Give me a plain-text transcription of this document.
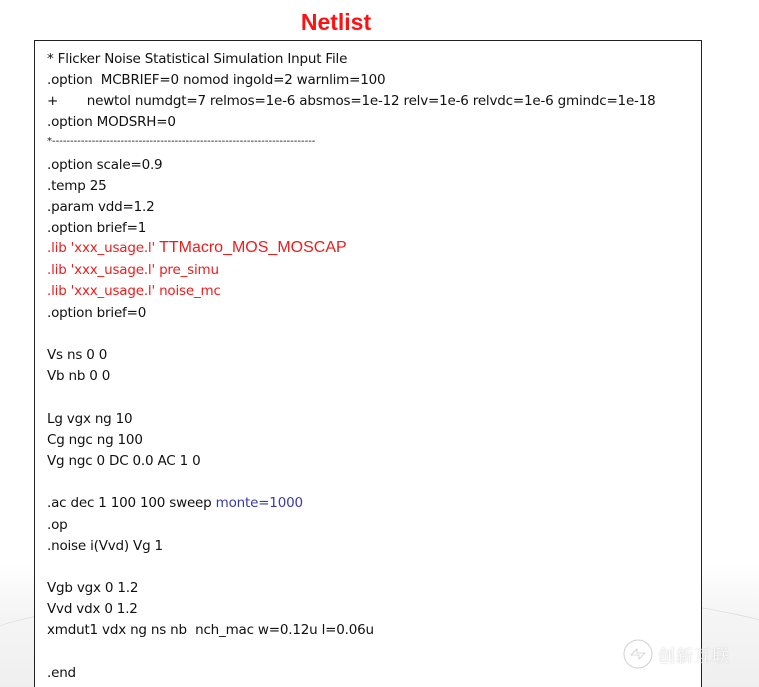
Netlist
* Flicker Noise Statistical Simulation Input File
.option  MCBRIEF=0 nomod ingold=2 warnlim=100
+       newtol numdgt=7 relmos=1e-6 absmos=1e-12 relv=1e-6 relvdc=1e-6 gmindc=1e-18
.option MODSRH=0
*-------------------------------------------------------------------------
.option scale=0.9
.temp 25
.param vdd=1.2
.option brief=1
.lib 'xxx_usage.l' TTMacro_MOS_MOSCAP
.lib 'xxx_usage.l' pre_simu
.lib 'xxx_usage.l' noise_mc
.option brief=0
Vs ns 0 0
Vb nb 0 0
Lg vgx ng 10
Cg ngc ng 100
Vg ngc 0 DC 0.0 AC 1 0
.ac dec 1 100 100 sweep monte=1000
.op
.noise i(Vvd) Vg 1
Vgb vgx 0 1.2
Vvd vdx 0 1.2
xmdut1 vdx ng ns nb  nch_mac w=0.12u l=0.06u
.end
创新互联
